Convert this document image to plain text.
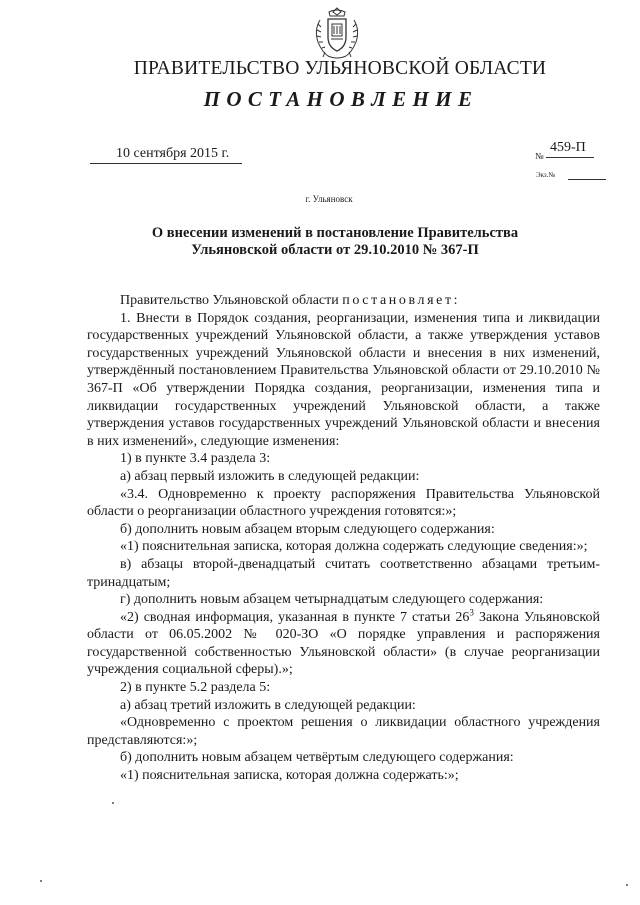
ПРАВИТЕЛЬСТВО УЛЬЯНОВСКОЙ ОБЛАСТИ
ПОСТАНОВЛЕНИЕ
10 сентября 2015 г.	№
459-П
Экз.№
г. Ульяновск
О внесении изменений в постановление Правительства
Ульяновской области от 29.10.2010 № 367-П

Правительство Ульяновской области постановляет:

1. Внести в Порядок создания, реорганизации, изменения типа и ликвидации государственных учреждений Ульяновской области, а также утверждения уставов государственных учреждений Ульяновской области и внесения в них изменений, утверждённый постановлением Правительства Ульяновской области от 29.10.2010 № 367-П «Об утверждении Порядка создания, реорганизации, изменения типа и ликвидации государственных учреждений Ульяновской области, а также утверждения уставов государственных учреждений Ульяновской области и внесения в них изменений», следующие изменения:

1) в пункте 3.4 раздела 3:

а) абзац первый изложить в следующей редакции:

«3.4. Одновременно к проекту распоряжения Правительства Ульяновской области о реорганизации областного учреждения готовятся:»;

б) дополнить новым абзацем вторым следующего содержания:

«1) пояснительная записка, которая должна содержать следующие сведения:»;

в) абзацы второй-двенадцатый считать соответственно абзацами третьим-тринадцатым;

г) дополнить новым абзацем четырнадцатым следующего содержания:

«2) сводная информация, указанная в пункте 7 статьи $26^3$ Закона Ульяновской области от 06.05.2002 № 020-ЗО «О порядке управления и распоряжения государственной собственностью Ульяновской области» (в случае реорганизации учреждения социальной сферы).»;

2) в пункте 5.2 раздела 5:

а) абзац третий изложить в следующей редакции:

«Одновременно с проектом решения о ликвидации областного учреждения представляются:»;

б) дополнить новым абзацем четвёртым следующего содержания:

«1) пояснительная записка, которая должна содержать:»;
